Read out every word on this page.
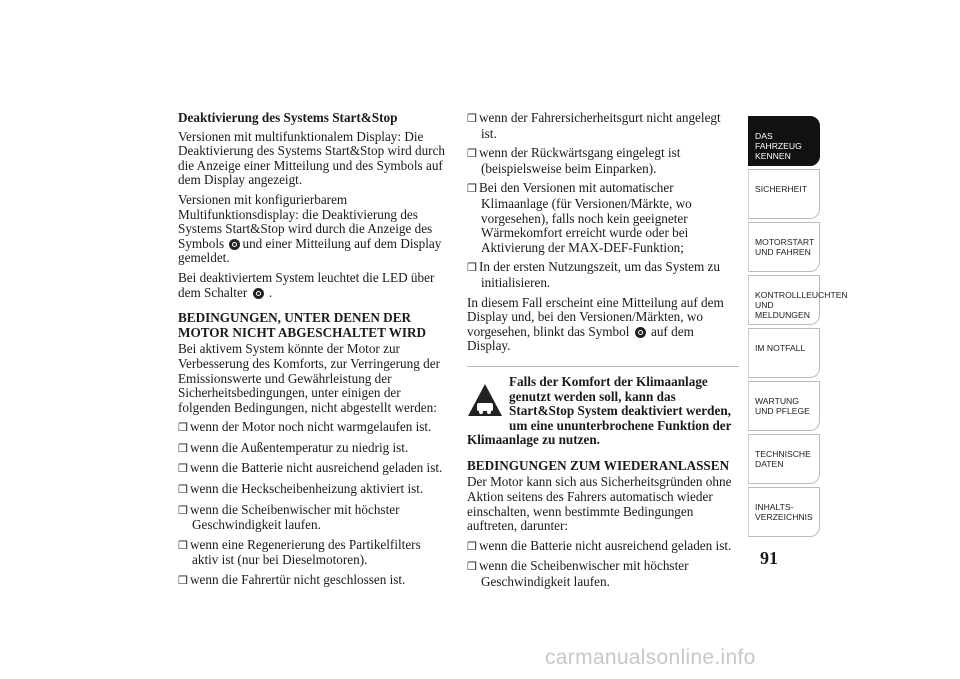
Deaktivierung des Systems Start&Stop

Versionen mit multifunktionalem Display: Die Deaktivierung des Systems Start&Stop wird durch die Anzeige einer Mitteilung und des Symbols auf dem Display angezeigt.

Versionen mit konfigurierbarem Multifunktionsdisplay: die Deaktivierung des Systems Start&Stop wird durch die Anzeige des Symbols und einer Mitteilung auf dem Display gemeldet.

Bei deaktiviertem System leuchtet die LED über dem Schalter .

BEDINGUNGEN, UNTER DENEN DER MOTOR NICHT ABGESCHALTET WIRD

Bei aktivem System könnte der Motor zur Verbesserung des Komforts, zur Verringerung der Emissionswerte und Gewährleistung der Sicherheitsbedingungen, unter einigen der folgenden Bedingungen, nicht abgestellt werden:

❒ wenn der Motor noch nicht warmgelaufen ist.

❒ wenn die Außentemperatur zu niedrig ist.

❒ wenn die Batterie nicht ausreichend geladen ist.

❒ wenn die Heckscheibenheizung aktiviert ist.

❒ wenn die Scheibenwischer mit höchster Geschwindigkeit laufen.

❒ wenn eine Regenerierung des Partikelfilters aktiv ist (nur bei Dieselmotoren).

❒ wenn die Fahrertür nicht geschlossen ist.

❒ wenn der Fahrersicherheitsgurt nicht angelegt ist.

❒ wenn der Rückwärtsgang eingelegt ist (beispielsweise beim Einparken).

❒ Bei den Versionen mit automatischer Klimaanlage (für Versionen/Märkte, wo vorgesehen), falls noch kein geeigneter Wärmekomfort erreicht wurde oder bei Aktivierung der MAX-DEF-Funktion;

❒ In der ersten Nutzungszeit, um das System zu initialisieren.

In diesem Fall erscheint eine Mitteilung auf dem Display und, bei den Versionen/Märkten, wo vorgesehen, blinkt das Symbol auf dem Display.

Falls der Komfort der Klimaanlage genutzt werden soll, kann das Start&Stop System deaktiviert werden, um eine ununterbrochene Funktion der Klimaanlage zu nutzen.

BEDINGUNGEN ZUM WIEDERANLASSEN

Der Motor kann sich aus Sicherheitsgründen ohne Aktion seitens des Fahrers automatisch wieder einschalten, wenn bestimmte Bedingungen auftreten, darunter:

❒ wenn die Batterie nicht ausreichend geladen ist.

❒ wenn die Scheibenwischer mit höchster Geschwindigkeit laufen.

DAS FAHRZEUG KENNEN
SICHERHEIT
MOTORSTART UND FAHREN
KONTROLLLEUCHTEN UND MELDUNGEN
IM NOTFALL
WARTUNG UND PFLEGE
TECHNISCHE DATEN
INHALTS-VERZEICHNIS
91
carmanualsonline.info
